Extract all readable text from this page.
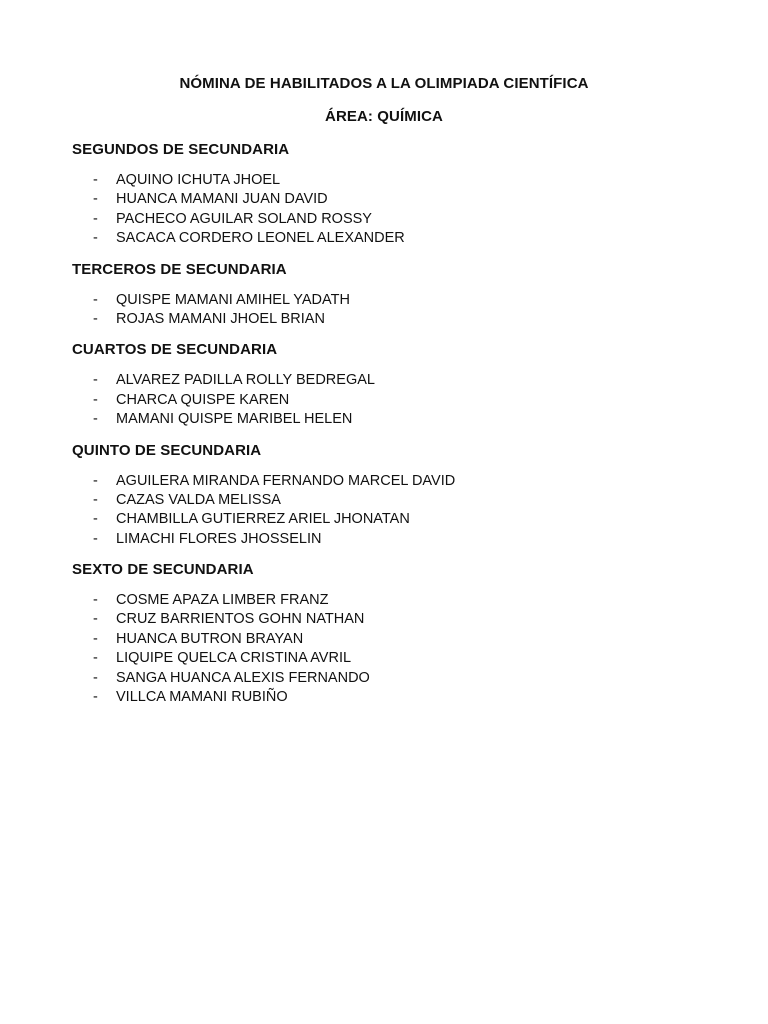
NÓMINA DE HABILITADOS A LA OLIMPIADA CIENTÍFICA
ÁREA: QUÍMICA
SEGUNDOS DE SECUNDARIA
-	AQUINO ICHUTA JHOEL
-	HUANCA MAMANI JUAN DAVID
-	PACHECO AGUILAR SOLAND ROSSY
-	SACACA CORDERO LEONEL ALEXANDER
TERCEROS DE SECUNDARIA
-	QUISPE MAMANI AMIHEL YADATH
-	ROJAS MAMANI JHOEL BRIAN
CUARTOS DE SECUNDARIA
-	ALVAREZ PADILLA ROLLY BEDREGAL
-	CHARCA QUISPE KAREN
-	MAMANI QUISPE MARIBEL HELEN
QUINTO DE SECUNDARIA
-	AGUILERA MIRANDA FERNANDO MARCEL DAVID
-	CAZAS VALDA MELISSA
-	CHAMBILLA GUTIERREZ ARIEL JHONATAN
-	LIMACHI FLORES JHOSSELIN
SEXTO DE SECUNDARIA
-	COSME APAZA LIMBER FRANZ
-	CRUZ BARRIENTOS GOHN NATHAN
-	HUANCA BUTRON BRAYAN
-	LIQUIPE QUELCA CRISTINA AVRIL
-	SANGA HUANCA ALEXIS FERNANDO
-	VILLCA MAMANI RUBIÑO
